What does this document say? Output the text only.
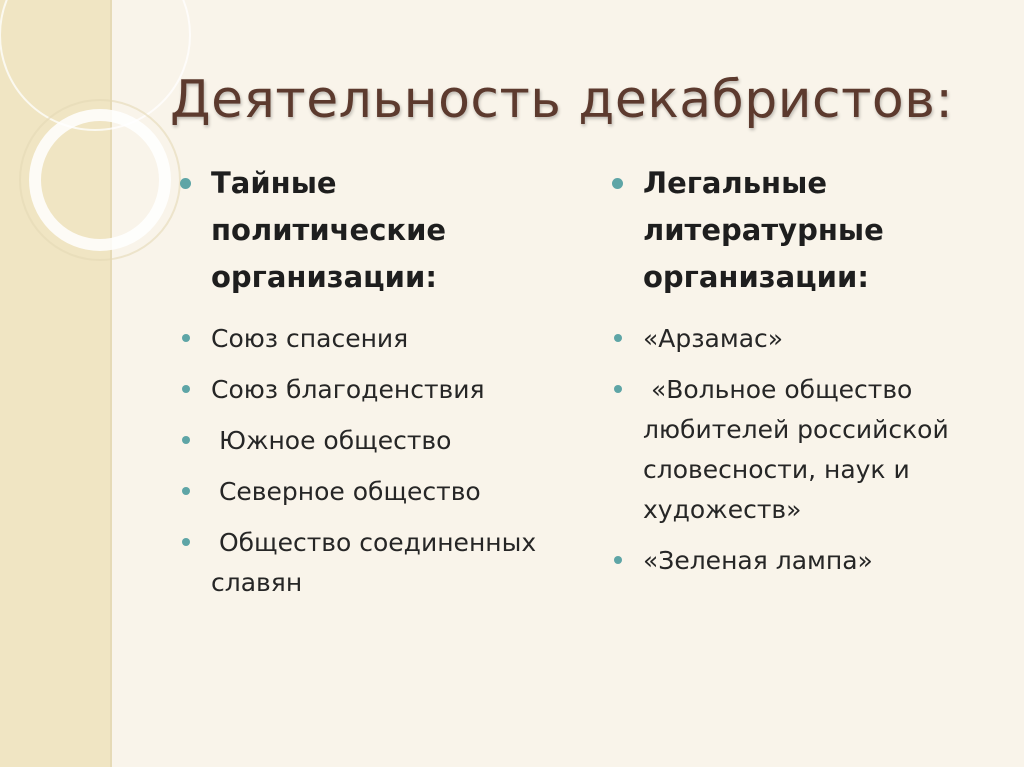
Деятельность декабристов:
Тайные политические организации:
Союз спасения
Союз благоденствия
Южное общество
Северное общество
Общество соединенных славян
Легальные литературные организации:
«Арзамас»
«Вольное общество любителей российской словесности, наук и художеств»
«Зеленая лампа»
